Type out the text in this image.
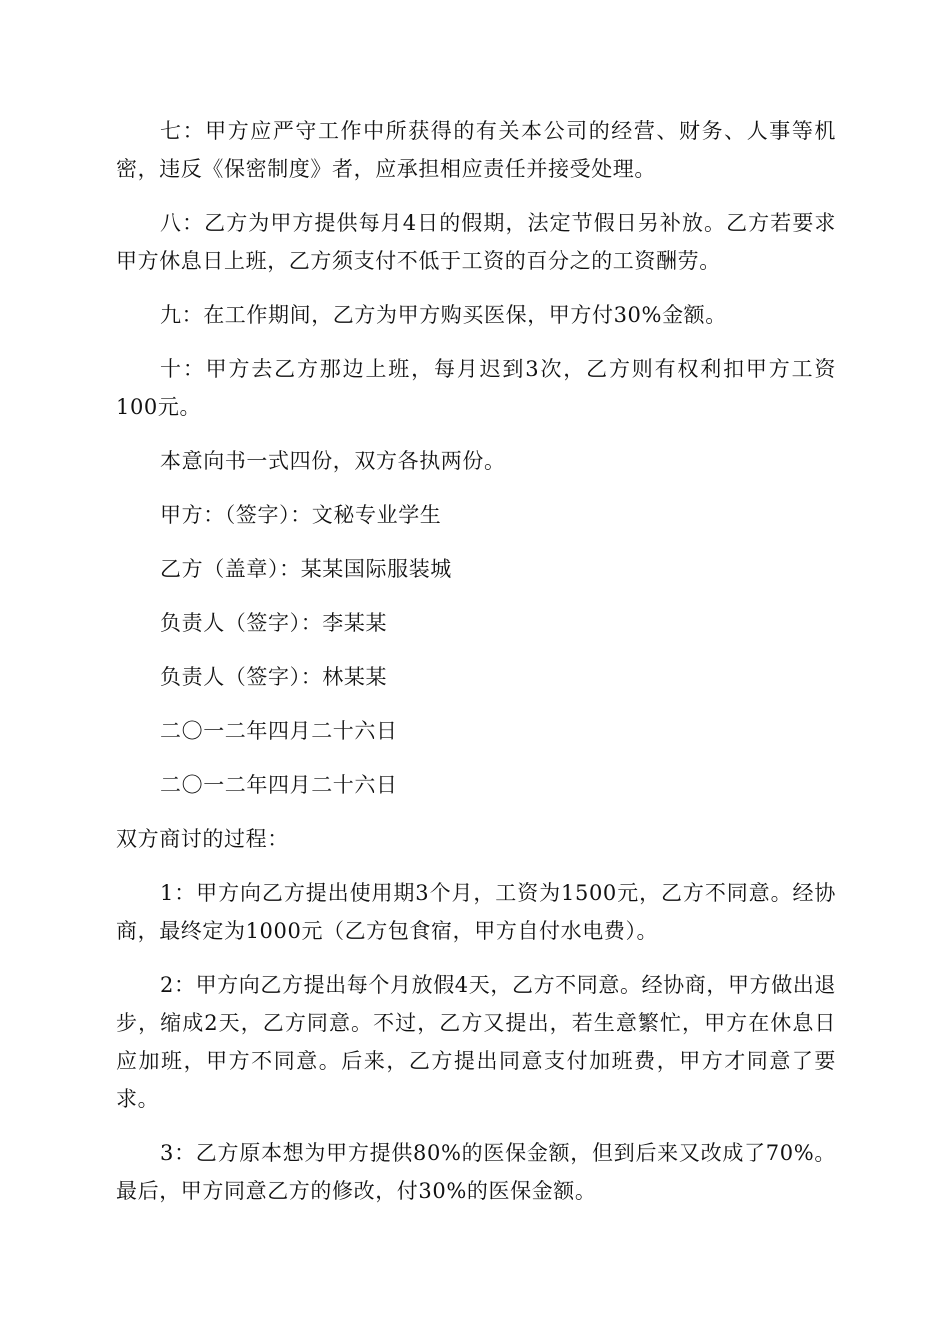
七：甲方应严守工作中所获得的有关本公司的经营、财务、人事等机密，违反《保密制度》者，应承担相应责任并接受处理。

八：乙方为甲方提供每月4日的假期，法定节假日另补放。乙方若要求甲方休息日上班，乙方须支付不低于工资的百分之的工资酬劳。

九：在工作期间，乙方为甲方购买医保，甲方付30%金额。

十：甲方去乙方那边上班，每月迟到3次，乙方则有权利扣甲方工资100元。

本意向书一式四份，双方各执两份。

甲方：（签字）：文秘专业学生

乙方（盖章）：某某国际服装城

负责人（签字）：李某某

负责人（签字）：林某某

二〇一二年四月二十六日

二〇一二年四月二十六日

双方商讨的过程：

1：甲方向乙方提出使用期3个月，工资为1500元，乙方不同意。经协商，最终定为1000元（乙方包食宿，甲方自付水电费）。

2：甲方向乙方提出每个月放假4天，乙方不同意。经协商，甲方做出退步，缩成2天，乙方同意。不过，乙方又提出，若生意繁忙，甲方在休息日应加班，甲方不同意。后来，乙方提出同意支付加班费，甲方才同意了要求。

3：乙方原本想为甲方提供80%的医保金额，但到后来又改成了70%。最后，甲方同意乙方的修改，付30%的医保金额。
